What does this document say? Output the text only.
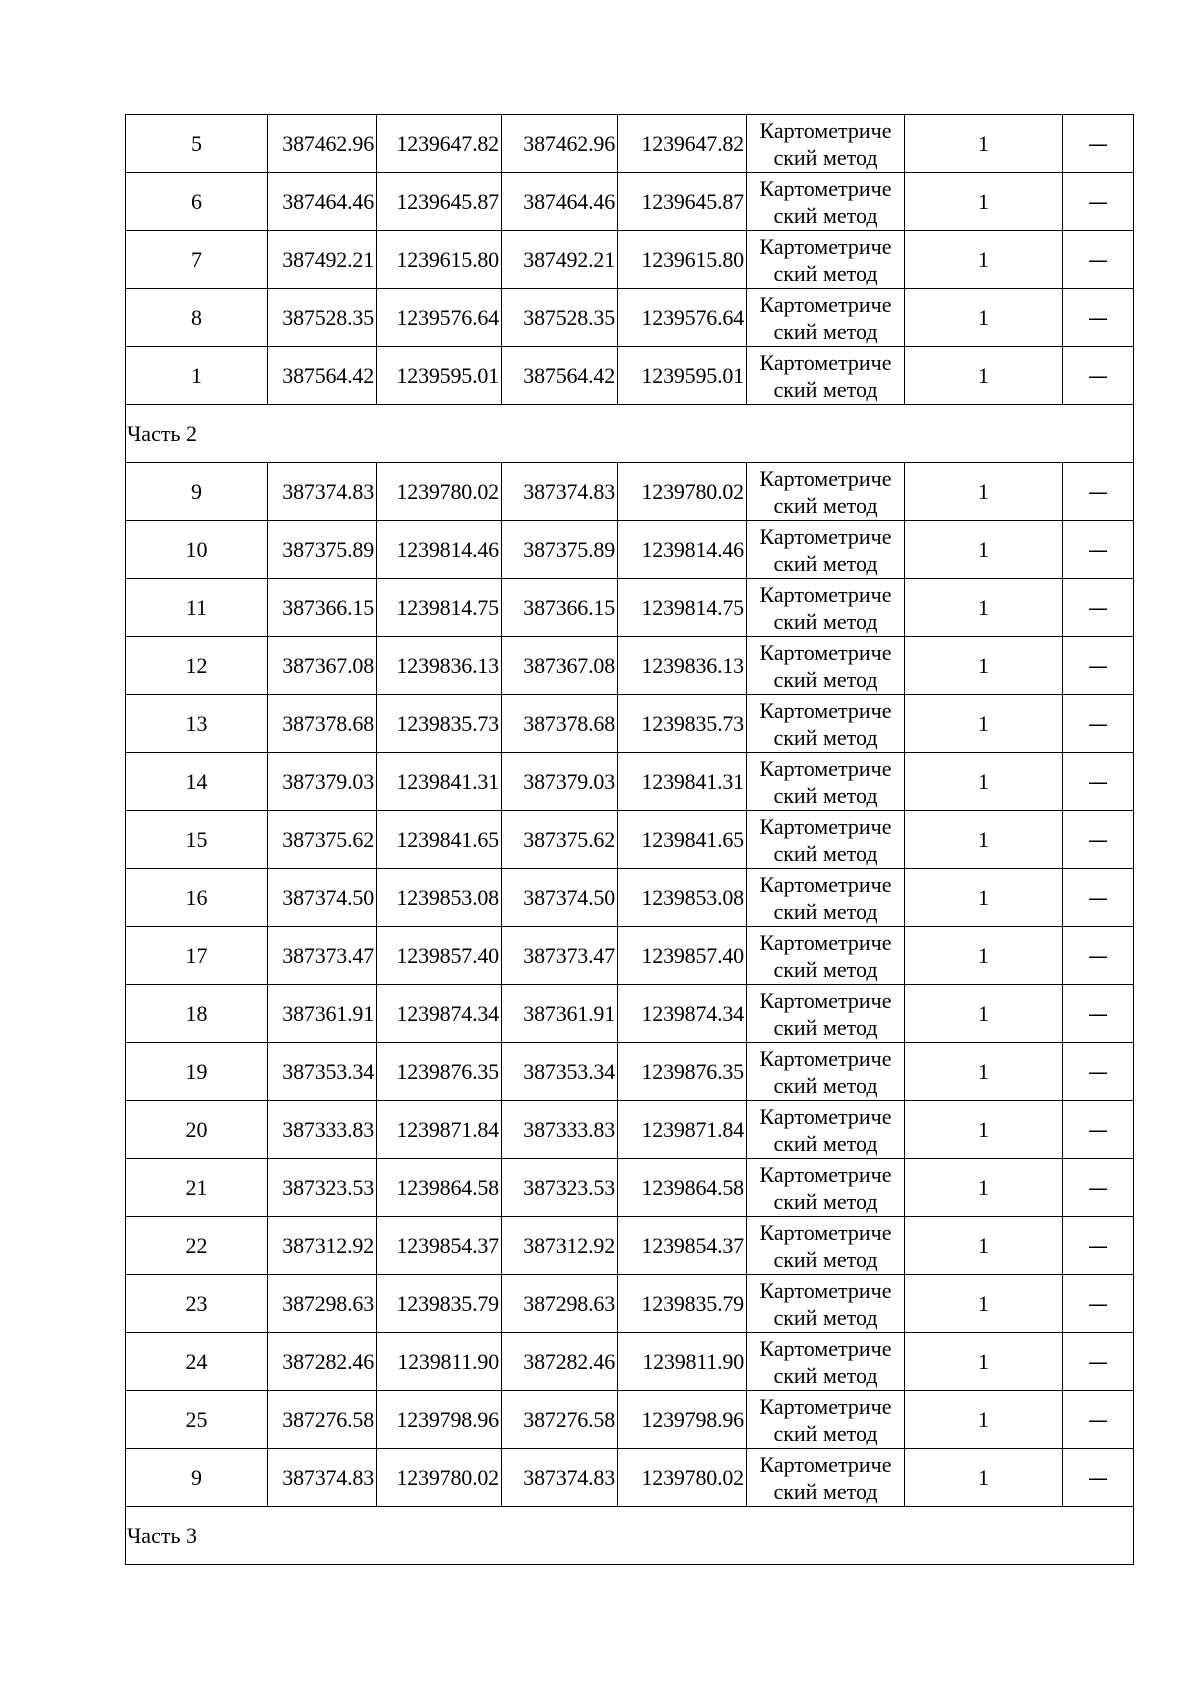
5	387462.96	1239647.82	387462.96	1239647.82	Картометриче
ский метод	1	—
6	387464.46	1239645.87	387464.46	1239645.87	Картометриче
ский метод	1	—
7	387492.21	1239615.80	387492.21	1239615.80	Картометриче
ский метод	1	—
8	387528.35	1239576.64	387528.35	1239576.64	Картометриче
ский метод	1	—
1	387564.42	1239595.01	387564.42	1239595.01	Картометриче
ский метод	1	—
Часть 2							
9	387374.83	1239780.02	387374.83	1239780.02	Картометриче
ский метод	1	—
10	387375.89	1239814.46	387375.89	1239814.46	Картометриче
ский метод	1	—
11	387366.15	1239814.75	387366.15	1239814.75	Картометриче
ский метод	1	—
12	387367.08	1239836.13	387367.08	1239836.13	Картометриче
ский метод	1	—
13	387378.68	1239835.73	387378.68	1239835.73	Картометриче
ский метод	1	—
14	387379.03	1239841.31	387379.03	1239841.31	Картометриче
ский метод	1	—
15	387375.62	1239841.65	387375.62	1239841.65	Картометриче
ский метод	1	—
16	387374.50	1239853.08	387374.50	1239853.08	Картометриче
ский метод	1	—
17	387373.47	1239857.40	387373.47	1239857.40	Картометриче
ский метод	1	—
18	387361.91	1239874.34	387361.91	1239874.34	Картометриче
ский метод	1	—
19	387353.34	1239876.35	387353.34	1239876.35	Картометриче
ский метод	1	—
20	387333.83	1239871.84	387333.83	1239871.84	Картометриче
ский метод	1	—
21	387323.53	1239864.58	387323.53	1239864.58	Картометриче
ский метод	1	—
22	387312.92	1239854.37	387312.92	1239854.37	Картометриче
ский метод	1	—
23	387298.63	1239835.79	387298.63	1239835.79	Картометриче
ский метод	1	—
24	387282.46	1239811.90	387282.46	1239811.90	Картометриче
ский метод	1	—
25	387276.58	1239798.96	387276.58	1239798.96	Картометриче
ский метод	1	—
9	387374.83	1239780.02	387374.83	1239780.02	Картометриче
ский метод	1	—
Часть 3							
